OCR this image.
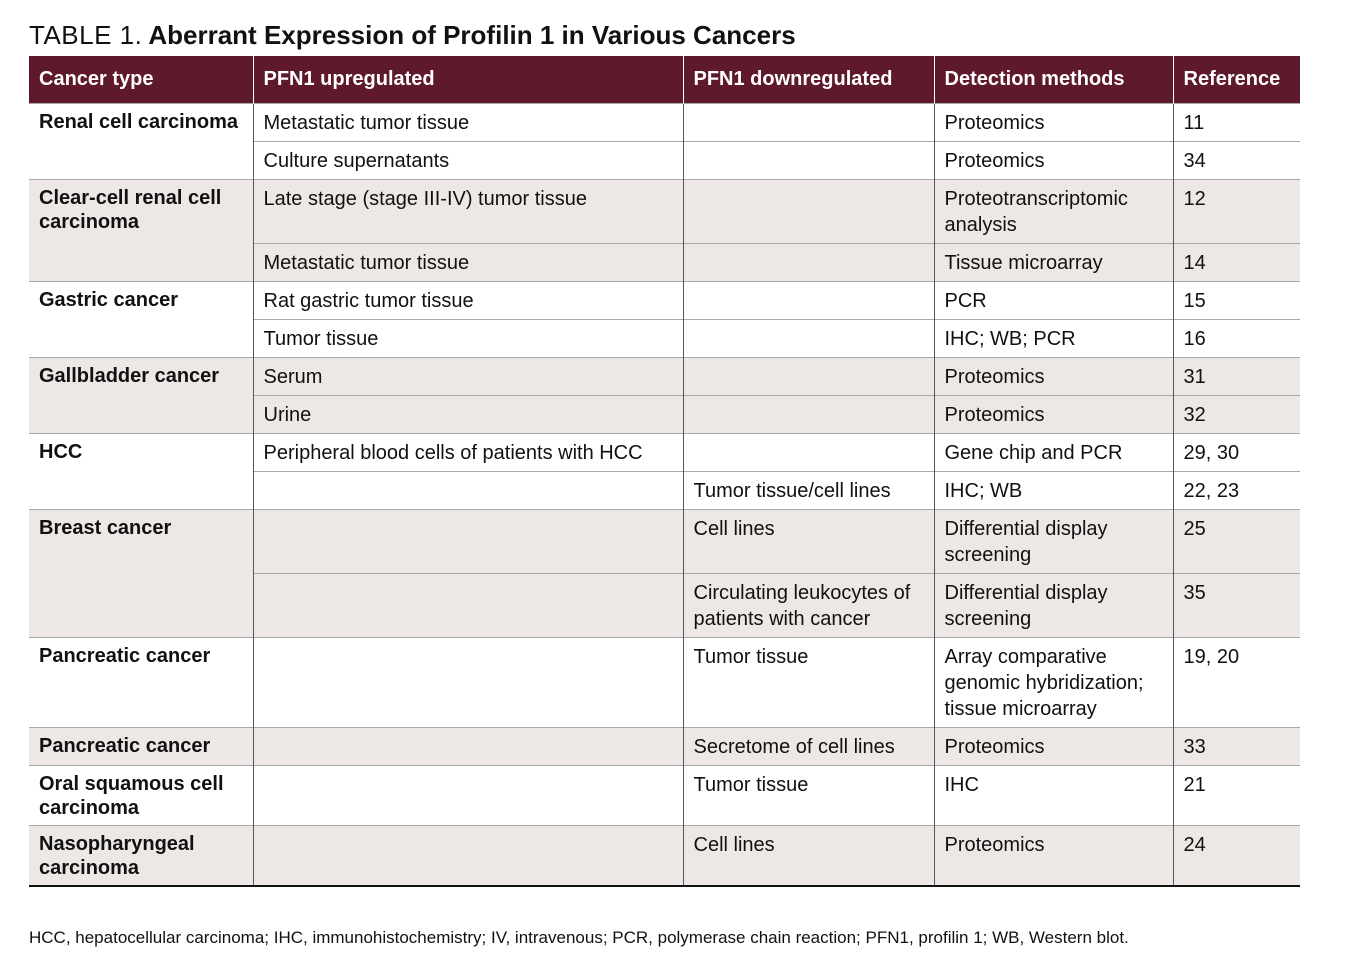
TABLE 1. Aberrant Expression of Profilin 1 in Various Cancers
Cancer type	PFN1 upregulated	PFN1 downregulated	Detection methods	Reference
Renal cell carcinoma	Metastatic tumor tissue		Proteomics	11
	Culture supernatants		Proteomics	34
Clear-cell renal cell carcinoma	Late stage (stage III-IV) tumor tissue		Proteotranscriptomic analysis	12
	Metastatic tumor tissue		Tissue microarray	14
Gastric cancer	Rat gastric tumor tissue		PCR	15
	Tumor tissue		IHC; WB; PCR	16
Gallbladder cancer	Serum		Proteomics	31
	Urine		Proteomics	32
HCC	Peripheral blood cells of patients with HCC		Gene chip and PCR	29, 30
		Tumor tissue/cell lines	IHC; WB	22, 23
Breast cancer		Cell lines	Differential display screening	25
		Circulating leukocytes of patients with cancer	Differential display screening	35
Pancreatic cancer		Tumor tissue	Array comparative genomic hybridization; tissue microarray	19, 20
Pancreatic cancer		Secretome of cell lines	Proteomics	33
Oral squamous cell carcinoma		Tumor tissue	IHC	21
Nasopharyngeal carcinoma		Cell lines	Proteomics	24
HCC, hepatocellular carcinoma; IHC, immunohistochemistry; IV, intravenous; PCR, polymerase chain reaction; PFN1, profilin 1; WB, Western blot.
